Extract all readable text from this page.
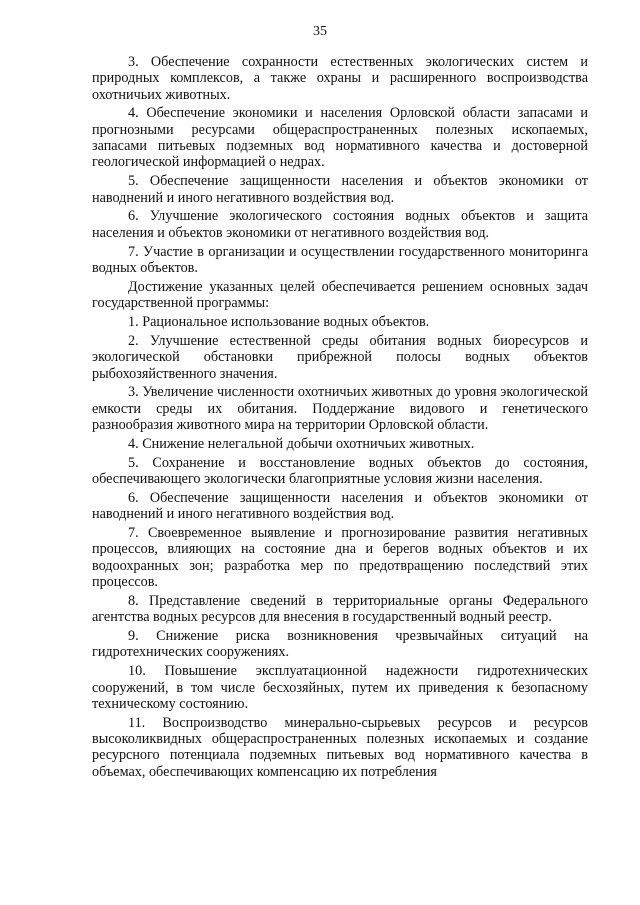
35

3. Обеспечение сохранности естественных экологических систем и природных комплексов, а также охраны и расширенного воспроизводства охотничьих животных.

4. Обеспечение экономики и населения Орловской области запасами и прогнозными ресурсами общераспространенных полезных ископаемых, запасами питьевых подземных вод нормативного качества и достоверной геологической информацией о недрах.

5. Обеспечение защищенности населения и объектов экономики от наводнений и иного негативного воздействия вод.

6. Улучшение экологического состояния водных объектов и защита населения и объектов экономики от негативного воздействия вод.

7. Участие в организации и осуществлении государственного мониторинга водных объектов.

Достижение указанных целей обеспечивается решением основных задач государственной программы:

1. Рациональное использование водных объектов.

2. Улучшение естественной среды обитания водных биоресурсов и экологической обстановки прибрежной полосы водных объектов рыбохозяйственного значения.

3. Увеличение численности охотничьих животных до уровня экологической емкости среды их обитания. Поддержание видового и генетического разнообразия животного мира на территории Орловской области.

4. Снижение нелегальной добычи охотничьих животных.

5. Сохранение и восстановление водных объектов до состояния, обеспечивающего экологически благоприятные условия жизни населения.

6. Обеспечение защищенности населения и объектов экономики от наводнений и иного негативного воздействия вод.

7. Своевременное выявление и прогнозирование развития негативных процессов, влияющих на состояние дна и берегов водных объектов и их водоохранных зон; разработка мер по предотвращению последствий этих процессов.

8. Представление сведений в территориальные органы Федерального агентства водных ресурсов для внесения в государственный водный реестр.

9. Снижение риска возникновения чрезвычайных ситуаций на гидротехнических сооружениях.

10. Повышение эксплуатационной надежности гидротехнических сооружений, в том числе бесхозяйных, путем их приведения к безопасному техническому состоянию.

11. Воспроизводство минерально-сырьевых ресурсов и ресурсов высоколиквидных общераспространенных полезных ископаемых и создание ресурсного потенциала подземных питьевых вод нормативного качества в объемах, обеспечивающих компенсацию их потребления
